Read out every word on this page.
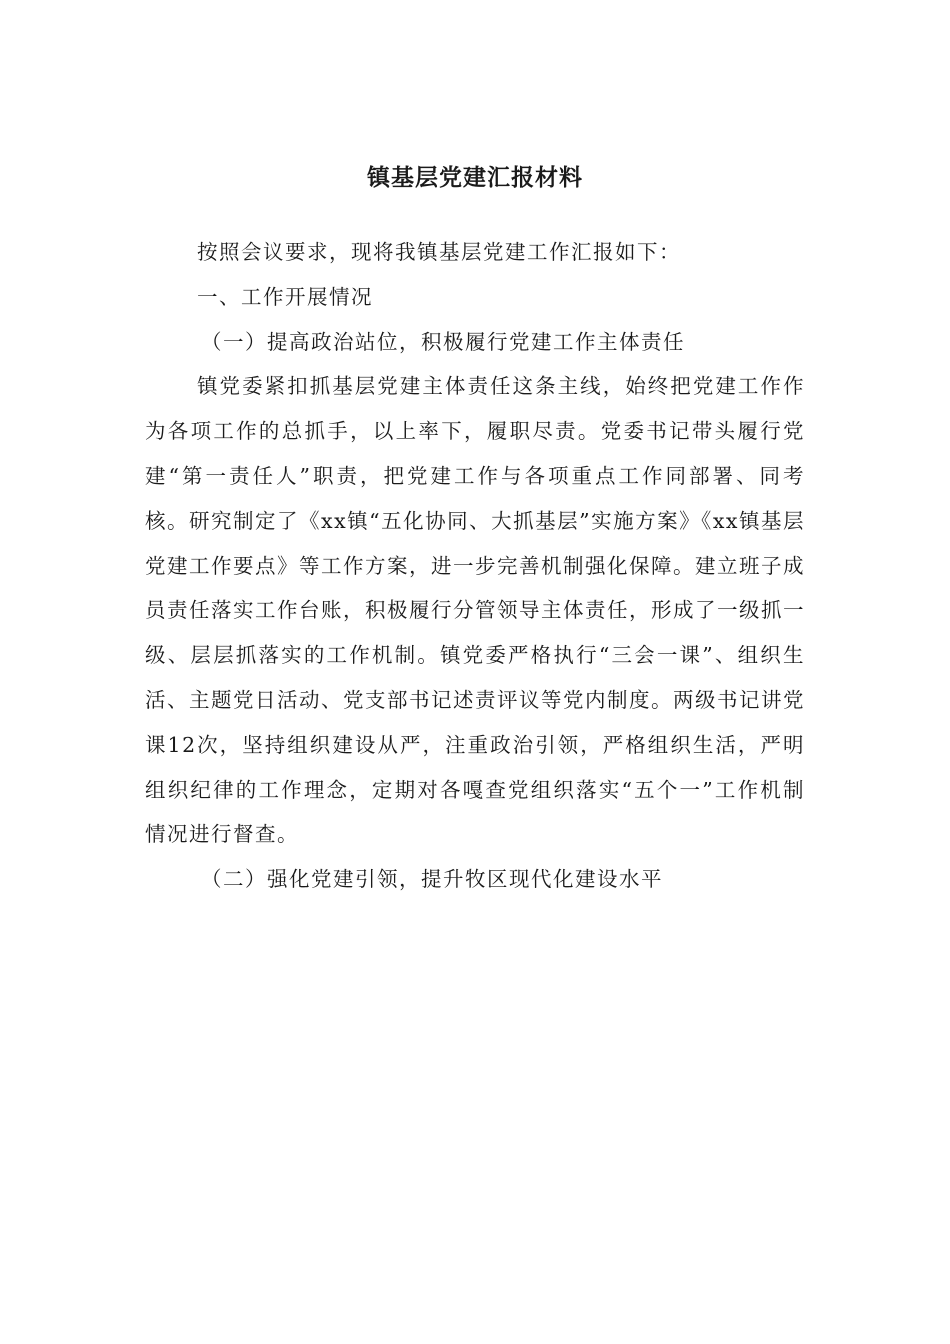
镇基层党建汇报材料

按照会议要求，现将我镇基层党建工作汇报如下：

一、工作开展情况

（一）提高政治站位，积极履行党建工作主体责任

镇党委紧扣抓基层党建主体责任这条主线，始终把党建工作作为各项工作的总抓手，以上率下，履职尽责。党委书记带头履行党建“第一责任人”职责，把党建工作与各项重点工作同部署、同考核。研究制定了《xx镇“五化协同、大抓基层”实施方案》《xx镇基层党建工作要点》等工作方案，进一步完善机制强化保障。建立班子成员责任落实工作台账，积极履行分管领导主体责任，形成了一级抓一级、层层抓落实的工作机制。镇党委严格执行“三会一课”、组织生活、主题党日活动、党支部书记述责评议等党内制度。两级书记讲党课12次，坚持组织建设从严，注重政治引领，严格组织生活，严明组织纪律的工作理念，定期对各嘎查党组织落实“五个一”工作机制情况进行督查。

（二）强化党建引领，提升牧区现代化建设水平
